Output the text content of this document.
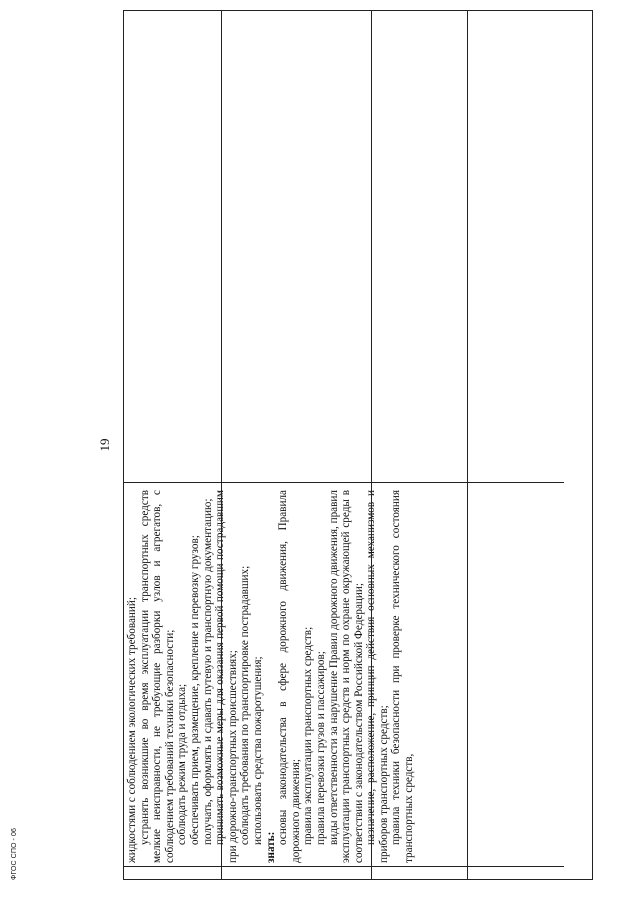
19
ФГОС СПО - 06	жидкостями с соблюдением экологических требований; устранять возникшие во время эксплуатации транспортных средств мелкие неисправности, не требующие разборки узлов и агрегатов, с соблюдением требований техники безопасности; соблюдать режим труда и отдыха; обеспечивать прием, размещение, крепление и перевозку грузов; получать, оформлять и сдавать путевую и транспортную документацию; принимать возможные меры для оказания первой помощи пострадавшим при дорожно-транспортных происшествиях; соблюдать требования по транспортировке пострадавших; использовать средства пожаротушения;

знать:

основы законодательства в сфере дорожного движения, Правила дорожного движения; правила эксплуатации транспортных средств; правила перевозки грузов и пассажиров; виды ответственности за нарушение Правил дорожного движения, правил эксплуатации транспортных средств и норм по охране окружающей среды в соответствии с законодательством Российской Федерации; назначение, расположение, принцип действия основных механизмов и приборов транспортных средств; правила техники безопасности при проверке технического состояния транспортных средств,
